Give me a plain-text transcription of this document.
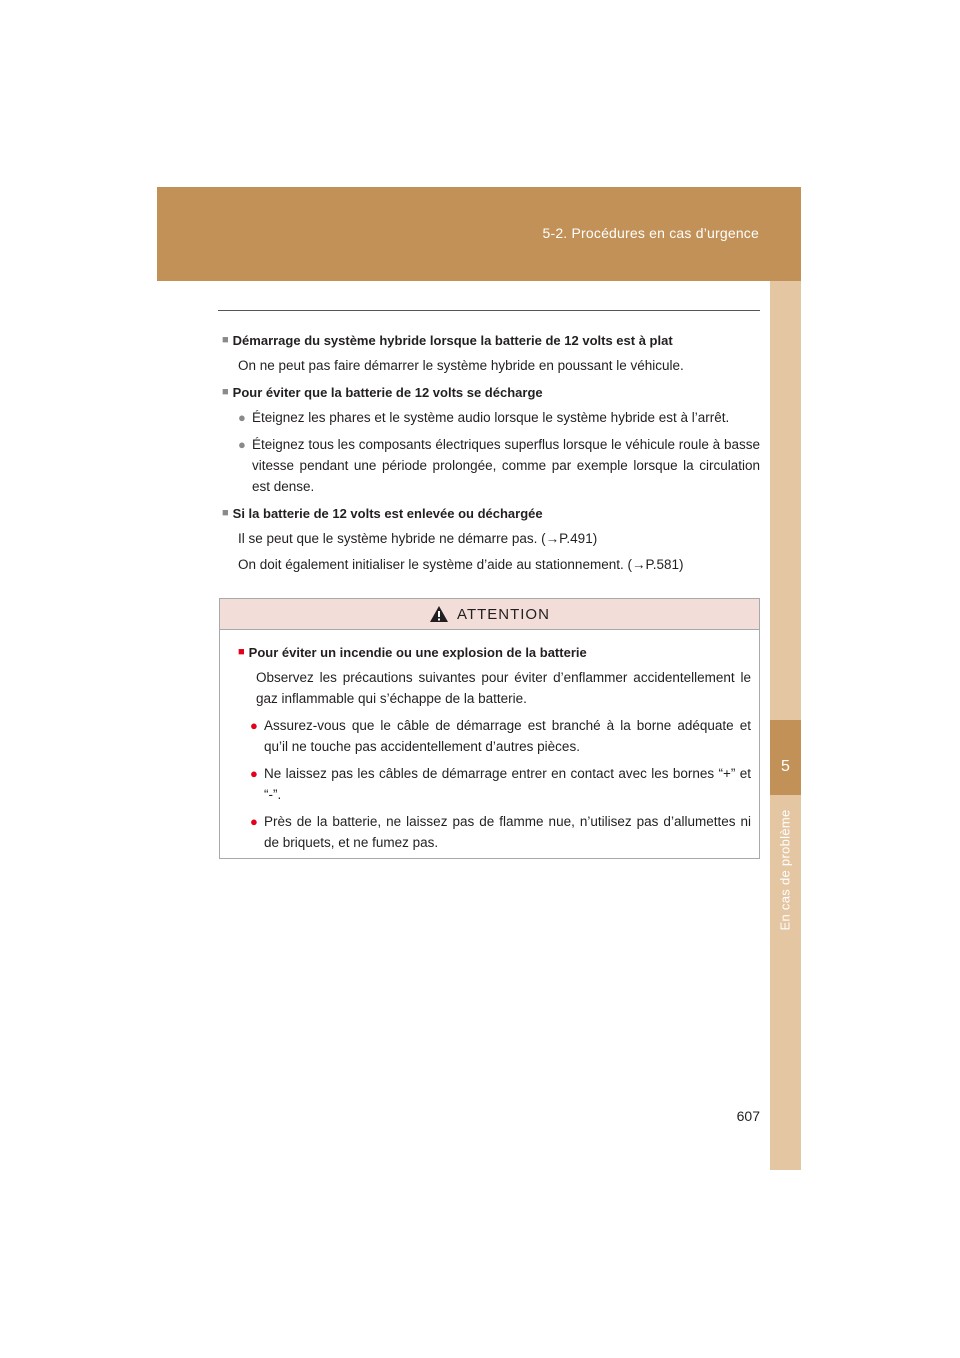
5-2. Procédures en cas d’urgence
5
En cas de problème
■ Démarrage du système hybride lorsque la batterie de 12 volts est à plat
On ne peut pas faire démarrer le système hybride en poussant le véhicule.
■ Pour éviter que la batterie de 12 volts se décharge
● Éteignez les phares et le système audio lorsque le système hybride est à l’arrêt.
● Éteignez tous les composants électriques superflus lorsque le véhicule roule à basse vitesse pendant une période prolongée, comme par exemple lorsque la circulation est dense.
■ Si la batterie de 12 volts est enlevée ou déchargée
Il se peut que le système hybride ne démarre pas. (→P.491)
On doit également initialiser le système d’aide au stationnement. (→P.581)
ATTENTION
■ Pour éviter un incendie ou une explosion de la batterie
Observez les précautions suivantes pour éviter d’enflammer accidentellement le gaz inflammable qui s’échappe de la batterie.
● Assurez-vous que le câble de démarrage est branché à la borne adéquate et qu’il ne touche pas accidentellement d’autres pièces.
● Ne laissez pas les câbles de démarrage entrer en contact avec les bornes “+” et “-”.
● Près de la batterie, ne laissez pas de flamme nue, n’utilisez pas d’allumettes ni de briquets, et ne fumez pas.
607
